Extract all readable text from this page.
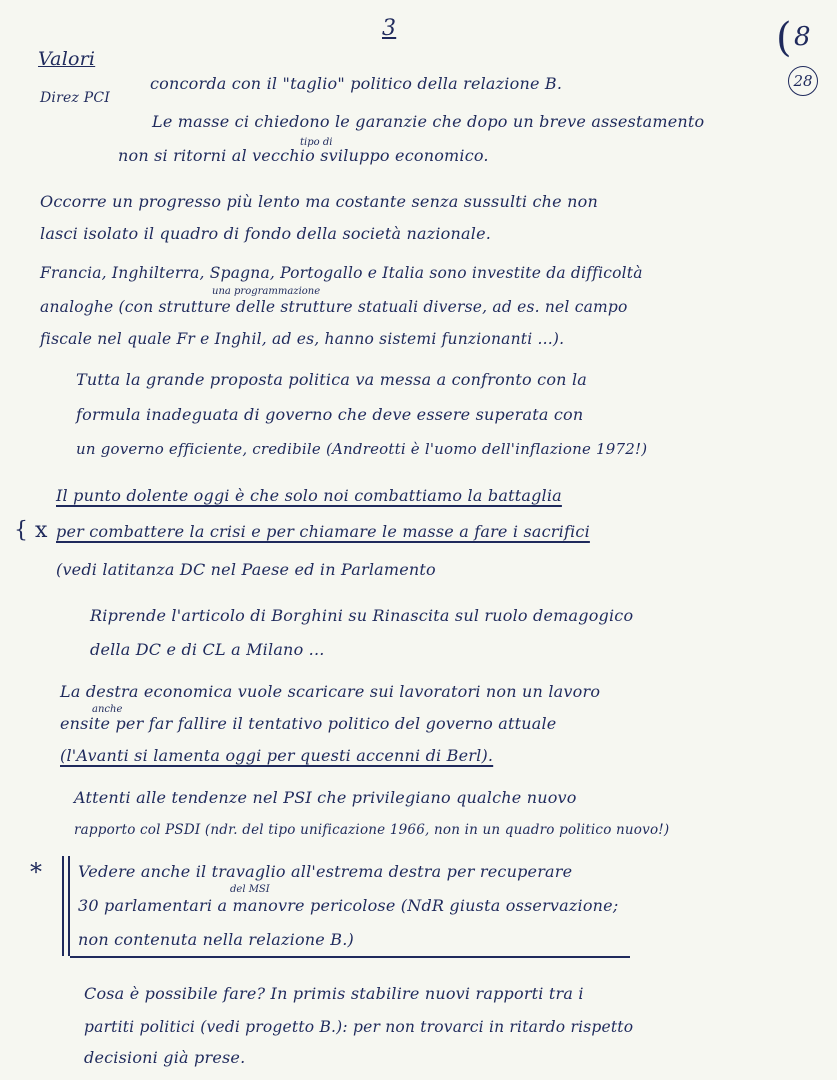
3	( 8
28
Valori
Direz PCI
concorda con il "taglio" politico della relazione B.
Le masse ci chiedono le garanzie che dopo un breve assestamento
tipo di
non si ritorni al vecchio sviluppo economico.
Occorre un progresso più lento ma costante senza sussulti che non
lasci isolato il quadro di fondo della società nazionale.
Francia, Inghilterra, Spagna, Portogallo e Italia sono investite da difficoltà
una programmazione
analoghe (con strutture delle strutture statuali diverse, ad es. nel campo
fiscale nel quale Fr e Inghil, ad es, hanno sistemi funzionanti ...).
Tutta la grande proposta politica va messa a confronto con la
formula inadeguata di governo che deve essere superata con
un governo efficiente, credibile (Andreotti è l'uomo dell'inflazione 1972!)
Il punto dolente oggi è che solo noi combattiamo la battaglia
{ x per combattere la crisi e per chiamare le masse a fare i sacrifici
(vedi latitanza DC nel Paese ed in Parlamento
Riprende l'articolo di Borghini su Rinascita sul ruolo demagogico
della DC e di CL a Milano ...
La destra economica vuole scaricare sui lavoratori non un lavoro
anche
ensite per far fallire il tentativo politico del governo attuale
(l'Avanti si lamenta oggi per questi accenni di Berl).
Attenti alle tendenze nel PSI che privilegiano qualche nuovo
rapporto col PSDI (ndr. del tipo unificazione 1966, non in un quadro politico nuovo!)
* Vedere anche il travaglio all'estrema destra per recuperare
del MSI
30 parlamentari a manovre pericolose (NdR giusta osservazione;
non contenuta nella relazione B.)
Cosa è possibile fare? In primis stabilire nuovi rapporti tra i
partiti politici (vedi progetto B.): per non trovarci in ritardo rispetto
decisioni già prese.
